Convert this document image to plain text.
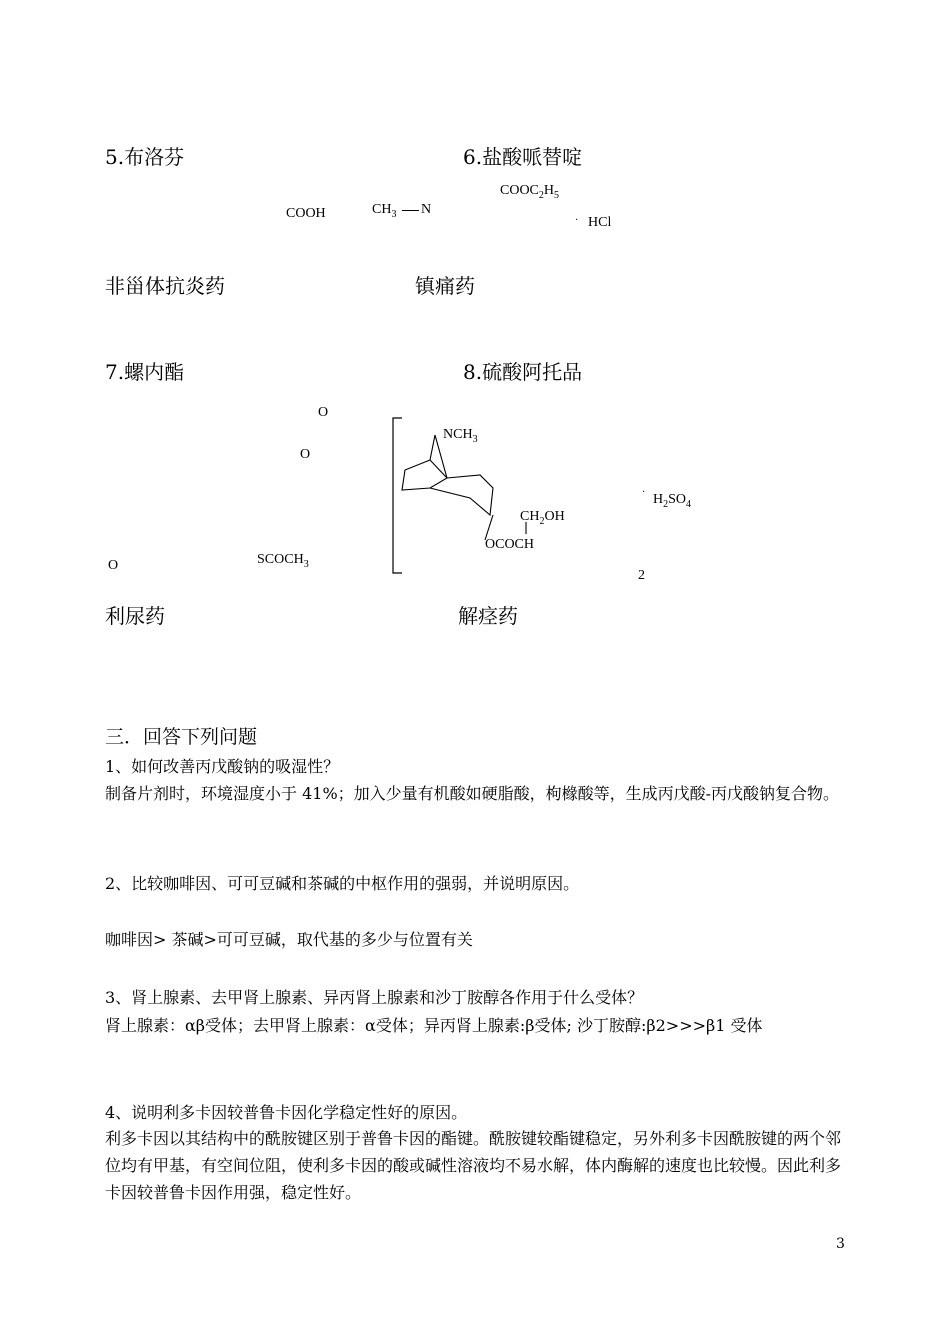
5.布洛芬	6.盐酸哌替啶
COOH	$CH_3$ N
$COOC_2H_5$
· HCl
非甾体抗炎药	镇痛药
7.螺内酯	8.硫酸阿托品
O
O
O	$SCOCH_3$
$NCH_3$
$CH_2OH$
OCOCH
· $H_2SO_4$
2
利尿药	解痉药
三．回答下列问题
1、如何改善丙戊酸钠的吸湿性？
制备片剂时，环境湿度小于 41%；加入少量有机酸如硬脂酸，枸橼酸等，生成丙戊酸-丙戊酸钠复合物。
2、比较咖啡因、可可豆碱和茶碱的中枢作用的强弱，并说明原因。
咖啡因> 茶碱>可可豆碱，取代基的多少与位置有关
3、肾上腺素、去甲肾上腺素、异丙肾上腺素和沙丁胺醇各作用于什么受体？
肾上腺素：αβ受体；去甲肾上腺素：α受体；异丙肾上腺素:β受体; 沙丁胺醇:β2>>>β1 受体
4、说明利多卡因较普鲁卡因化学稳定性好的原因。
利多卡因以其结构中的酰胺键区别于普鲁卡因的酯键。酰胺键较酯键稳定，另外利多卡因酰胺键的两个邻位均有甲基，有空间位阻，使利多卡因的酸或碱性溶液均不易水解，体内酶解的速度也比较慢。因此利多卡因较普鲁卡因作用强，稳定性好。
3
